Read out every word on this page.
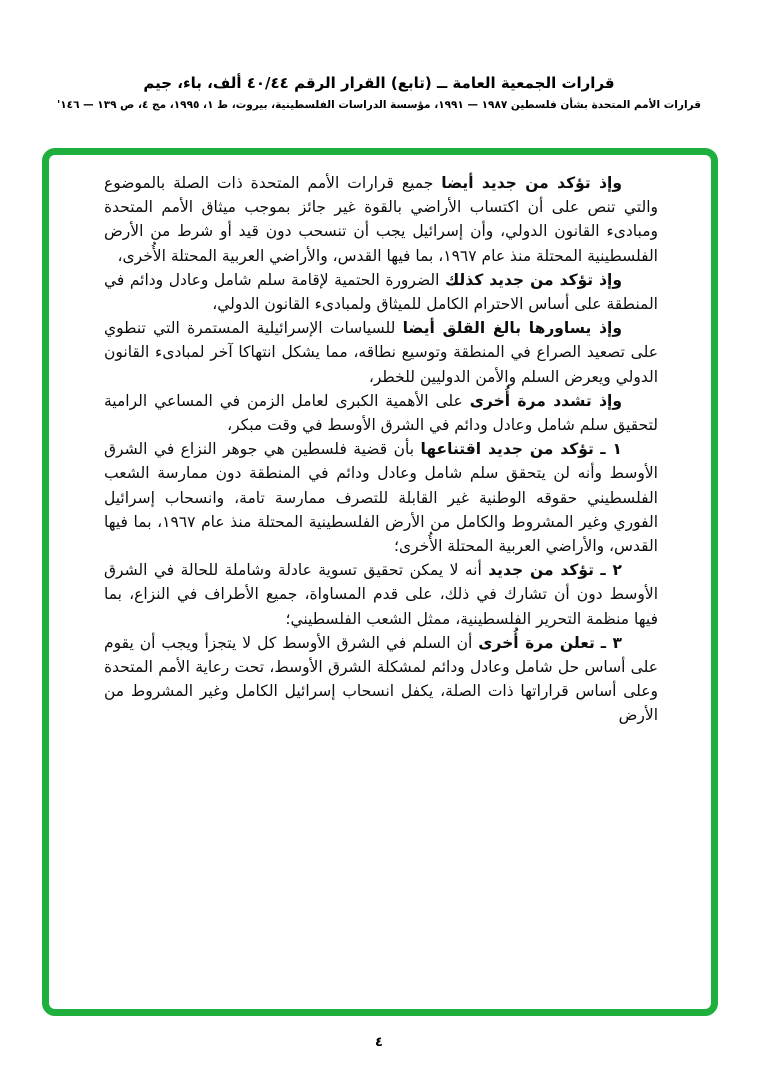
قرارات الجمعية العامة ــ (تابع) القرار الرقم ٤٠/٤٤ ألف، باء، جيم
قرارات الأمم المتحدة بشأن فلسطين ١٩٨٧ — ١٩٩١، مؤسسة الدراسات الفلسطينية، بيروت، ط ١، ١٩٩٥، مج ٤، ص ١٣٩ — ١٤٦'

وإذ تؤكد من جديد أيضا جميع قرارات الأمم المتحدة ذات الصلة بالموضوع والتي تنص على أن اكتساب الأراضي بالقوة غير جائز بموجب ميثاق الأمم المتحدة ومبادىء القانون الدولي، وأن إسرائيل يجب أن تنسحب دون قيد أو شرط من الأرض الفلسطينية المحتلة منذ عام ١٩٦٧، بما فيها القدس، والأراضي العربية المحتلة الأُخرى،

وإذ تؤكد من جديد كذلك الضرورة الحتمية لإقامة سلم شامل وعادل ودائم في المنطقة على أساس الاحترام الكامل للميثاق ولمبادىء القانون الدولي،

وإذ يساورها بالغ القلق أيضا للسياسات الإسرائيلية المستمرة التي تنطوي على تصعيد الصراع في المنطقة وتوسيع نطاقه، مما يشكل انتهاكا آخر لمبادىء القانون الدولي ويعرض السلم والأمن الدوليين للخطر،

وإذ تشدد مرة أُخرى على الأهمية الكبرى لعامل الزمن في المساعي الرامية لتحقيق سلم شامل وعادل ودائم في الشرق الأوسط في وقت مبكر،

١ ـ تؤكد من جديد اقتناعها بأن قضية فلسطين هي جوهر النزاع في الشرق الأوسط وأنه لن يتحقق سلم شامل وعادل ودائم في المنطقة دون ممارسة الشعب الفلسطيني حقوقه الوطنية غير القابلة للتصرف ممارسة تامة، وانسحاب إسرائيل الفوري وغير المشروط والكامل من الأرض الفلسطينية المحتلة منذ عام ١٩٦٧، بما فيها القدس، والأراضي العربية المحتلة الأُخرى؛

٢ ـ تؤكد من جديد أنه لا يمكن تحقيق تسوية عادلة وشاملة للحالة في الشرق الأوسط دون أن تشارك في ذلك، على قدم المساواة، جميع الأطراف في النزاع، بما فيها منظمة التحرير الفلسطينية، ممثل الشعب الفلسطيني؛

٣ ـ تعلن مرة أُخرى أن السلم في الشرق الأوسط كل لا يتجزأ ويجب أن يقوم على أساس حل شامل وعادل ودائم لمشكلة الشرق الأوسط، تحت رعاية الأمم المتحدة وعلى أساس قراراتها ذات الصلة، يكفل انسحاب إسرائيل الكامل وغير المشروط من الأرض

٤
